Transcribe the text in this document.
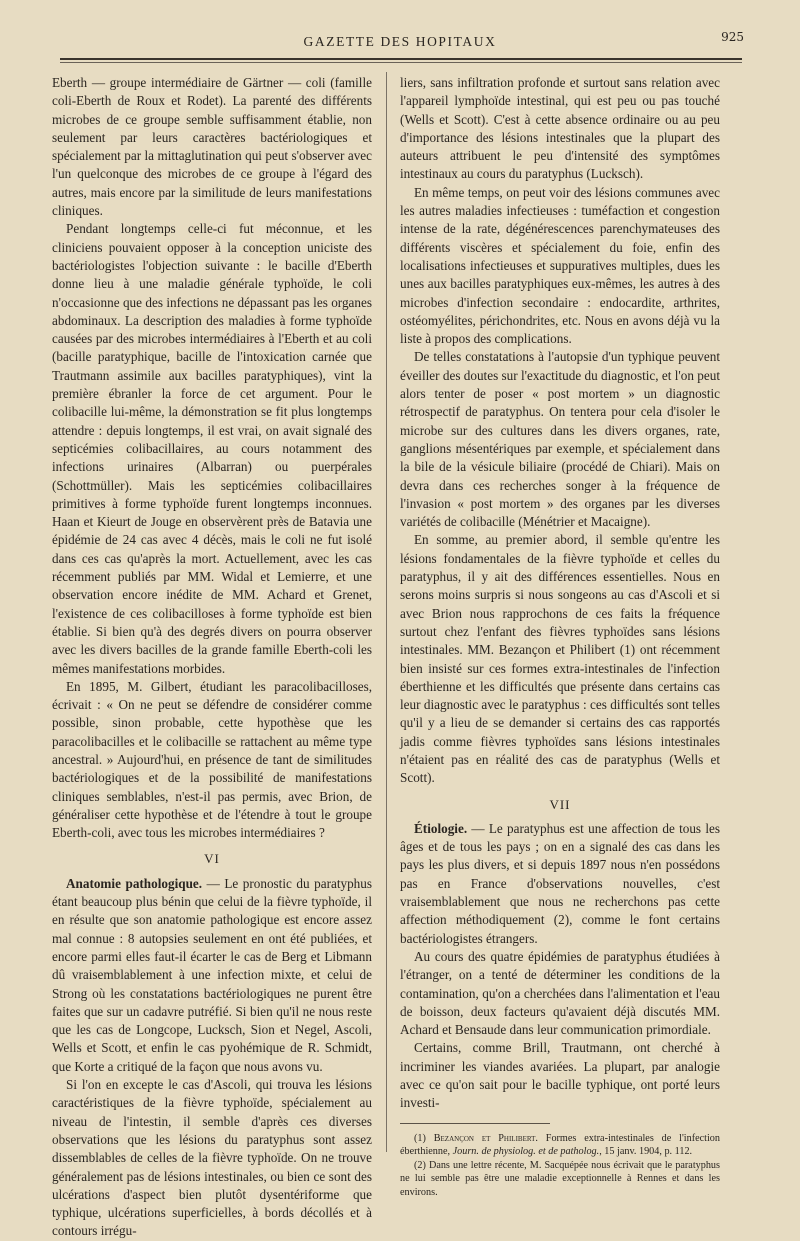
GAZETTE DES HOPITAUX	925

Eberth — groupe intermédiaire de Gärtner — coli (famille coli-Eberth de Roux et Rodet). La parenté des différents microbes de ce groupe semble suffisamment établie, non seulement par leurs caractères bactériologiques et spécialement par la mittaglutination qui peut s'observer avec l'un quelconque des microbes de ce groupe à l'égard des autres, mais encore par la similitude de leurs manifestations cliniques.

Pendant longtemps celle-ci fut méconnue, et les cliniciens pouvaient opposer à la conception uniciste des bactériologistes l'objection suivante : le bacille d'Eberth donne lieu à une maladie générale typhoïde, le coli n'occasionne que des infections ne dépassant pas les organes abdominaux. La description des maladies à forme typhoïde causées par des microbes intermédiaires à l'Eberth et au coli (bacille paratyphique, bacille de l'intoxication carnée que Trautmann assimile aux bacilles paratyphiques), vint la première ébranler la force de cet argument. Pour le colibacille lui-même, la démonstration se fit plus longtemps attendre : depuis longtemps, il est vrai, on avait signalé des septicémies colibacillaires, au cours notamment des infections urinaires (Albarran) ou puerpérales (Schottmüller). Mais les septicémies colibacillaires primitives à forme typhoïde furent longtemps inconnues. Haan et Kieurt de Jouge en observèrent près de Batavia une épidémie de 24 cas avec 4 décès, mais le coli ne fut isolé dans ces cas qu'après la mort. Actuellement, avec les cas récemment publiés par MM. Widal et Lemierre, et une observation encore inédite de MM. Achard et Grenet, l'existence de ces colibacilloses à forme typhoïde est bien établie. Si bien qu'à des degrés divers on pourra observer avec les divers bacilles de la grande famille Eberth-coli les mêmes manifestations morbides.

En 1895, M. Gilbert, étudiant les paracolibacilloses, écrivait : « On ne peut se défendre de considérer comme possible, sinon probable, cette hypothèse que les paracolibacilles et le colibacille se rattachent au même type ancestral. » Aujourd'hui, en présence de tant de similitudes bactériologiques et de la possibilité de manifestations cliniques semblables, n'est-il pas permis, avec Brion, de généraliser cette hypothèse et de l'étendre à tout le groupe Eberth-coli, avec tous les microbes intermédiaires ?

VI

Anatomie pathologique. — Le pronostic du paratyphus étant beaucoup plus bénin que celui de la fièvre typhoïde, il en résulte que son anatomie pathologique est encore assez mal connue : 8 autopsies seulement en ont été publiées, et encore parmi elles faut-il écarter le cas de Berg et Libmann dû vraisemblablement à une infection mixte, et celui de Strong où les constatations bactériologiques ne purent être faites que sur un cadavre putréfié. Si bien qu'il ne nous reste que les cas de Longcope, Lucksch, Sion et Negel, Ascoli, Wells et Scott, et enfin le cas pyohémique de R. Schmidt, que Korte a critiqué de la façon que nous avons vu.

Si l'on en excepte le cas d'Ascoli, qui trouva les lésions caractéristiques de la fièvre typhoïde, spécialement au niveau de l'intestin, il semble d'après ces diverses observations que les lésions du paratyphus sont assez dissemblables de celles de la fièvre typhoïde. On ne trouve généralement pas de lésions intestinales, ou bien ce sont des ulcérations d'aspect bien plutôt dysentériforme que typhique, ulcérations superficielles, à bords décollés et à contours irrégu-

liers, sans infiltration profonde et surtout sans relation avec l'appareil lymphoïde intestinal, qui est peu ou pas touché (Wells et Scott). C'est à cette absence ordinaire ou au peu d'importance des lésions intestinales que la plupart des auteurs attribuent le peu d'intensité des symptômes intestinaux au cours du paratyphus (Lucksch).

En même temps, on peut voir des lésions communes avec les autres maladies infectieuses : tuméfaction et congestion intense de la rate, dégénérescences parenchymateuses des différents viscères et spécialement du foie, enfin des localisations infectieuses et suppuratives multiples, dues les unes aux bacilles paratyphiques eux-mêmes, les autres à des microbes d'infection secondaire : endocardite, arthrites, ostéomyélites, périchondrites, etc. Nous en avons déjà vu la liste à propos des complications.

De telles constatations à l'autopsie d'un typhique peuvent éveiller des doutes sur l'exactitude du diagnostic, et l'on peut alors tenter de poser « post mortem » un diagnostic rétrospectif de paratyphus. On tentera pour cela d'isoler le microbe sur des cultures dans les divers organes, rate, ganglions mésentériques par exemple, et spécialement dans la bile de la vésicule biliaire (procédé de Chiari). Mais on devra dans ces recherches songer à la fréquence de l'invasion « post mortem » des organes par les diverses variétés de colibacille (Ménétrier et Macaigne).

En somme, au premier abord, il semble qu'entre les lésions fondamentales de la fièvre typhoïde et celles du paratyphus, il y ait des différences essentielles. Nous en serons moins surpris si nous songeons au cas d'Ascoli et si avec Brion nous rapprochons de ces faits la fréquence surtout chez l'enfant des fièvres typhoïdes sans lésions intestinales. MM. Bezançon et Philibert (1) ont récemment bien insisté sur ces formes extra-intestinales de l'infection éberthienne et les difficultés que présente dans certains cas leur diagnostic avec le paratyphus : ces difficultés sont telles qu'il y a lieu de se demander si certains des cas rapportés jadis comme fièvres typhoïdes sans lésions intestinales n'étaient pas en réalité des cas de paratyphus (Wells et Scott).

VII

Étiologie. — Le paratyphus est une affection de tous les âges et de tous les pays ; on en a signalé des cas dans les pays les plus divers, et si depuis 1897 nous n'en possédons pas en France d'observations nouvelles, c'est vraisemblablement que nous ne recherchons pas cette affection méthodiquement (2), comme le font certains bactériologistes étrangers.

Au cours des quatre épidémies de paratyphus étudiées à l'étranger, on a tenté de déterminer les conditions de la contamination, qu'on a cherchées dans l'alimentation et l'eau de boisson, deux facteurs qu'avaient déjà discutés MM. Achard et Bensaude dans leur communication primordiale.

Certains, comme Brill, Trautmann, ont cherché à incriminer les viandes avariées. La plupart, par analogie avec ce qu'on sait pour le bacille typhique, ont porté leurs investi-

(1) Bezançon et Philibert. Formes extra-intestinales de l'infection éberthienne, Journ. de physiolog. et de patholog., 15 janv. 1904, p. 112.

(2) Dans une lettre récente, M. Sacquépée nous écrivait que le paratyphus ne lui semble pas être une maladie exceptionnelle à Rennes et dans les environs.
